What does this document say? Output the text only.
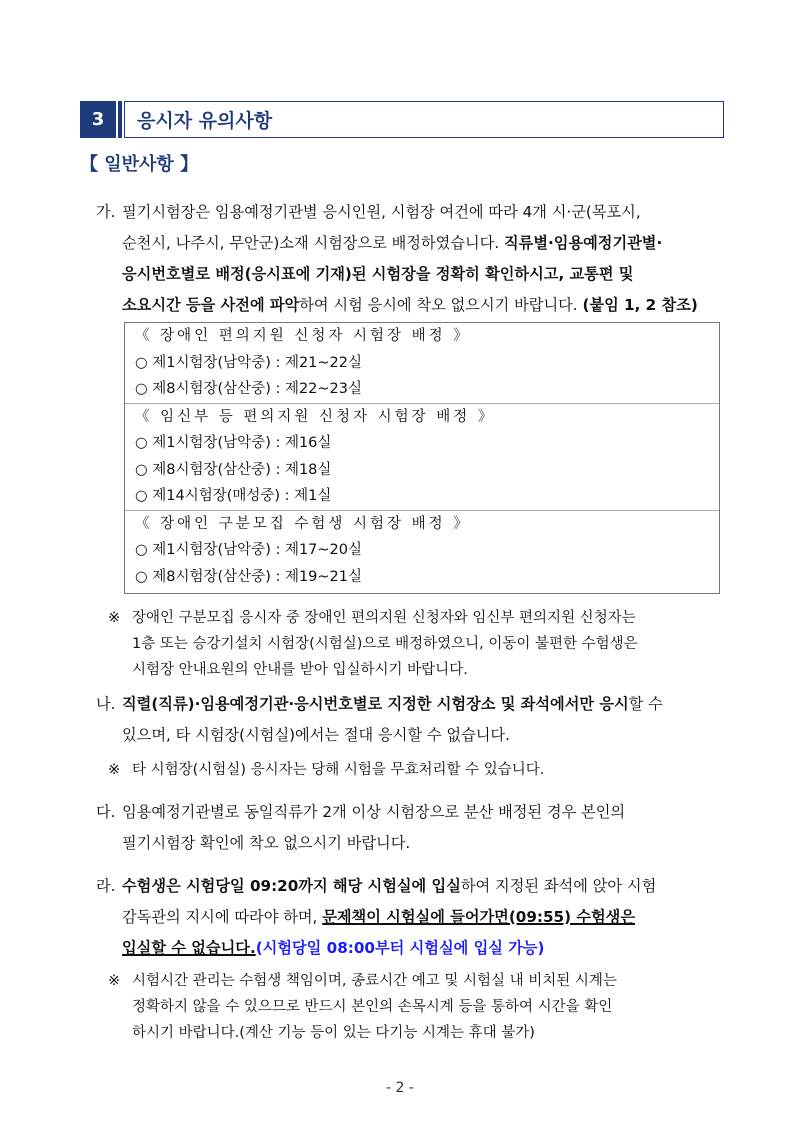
3	응시자 유의사항
【 일반사항 】
가. 필기시험장은 임용예정기관별 응시인원, 시험장 여건에 따라 4개 시·군(목포시,
순천시, 나주시, 무안군)소재 시험장으로 배정하였습니다. 직류별·임용예정기관별·
응시번호별로 배정(응시표에 기재)된 시험장을 정확히 확인하시고, 교통편 및
소요시간 등을 사전에 파악하여 시험 응시에 착오 없으시기 바랍니다. (붙임 1, 2 참조)
《 장애인 편의지원 신청자 시험장 배정 》
○ 제1시험장(남악중) : 제21~22실
○ 제8시험장(삼산중) : 제22~23실
《 임신부 등 편의지원 신청자 시험장 배정 》
○ 제1시험장(남악중) : 제16실
○ 제8시험장(삼산중) : 제18실
○ 제14시험장(매성중) : 제1실
《 장애인 구분모집 수험생 시험장 배정 》
○ 제1시험장(남악중) : 제17~20실
○ 제8시험장(삼산중) : 제19~21실
※ 장애인 구분모집 응시자 중 장애인 편의지원 신청자와 임신부 편의지원 신청자는
1층 또는 승강기설치 시험장(시험실)으로 배정하였으니, 이동이 불편한 수험생은
시험장 안내요원의 안내를 받아 입실하시기 바랍니다.
나. 직렬(직류)·임용예정기관·응시번호별로 지정한 시험장소 및 좌석에서만 응시할 수
있으며, 타 시험장(시험실)에서는 절대 응시할 수 없습니다.
※ 타 시험장(시험실) 응시자는 당해 시험을 무효처리할 수 있습니다.
다. 임용예정기관별로 동일직류가 2개 이상 시험장으로 분산 배정된 경우 본인의
필기시험장 확인에 착오 없으시기 바랍니다.
라. 수험생은 시험당일 09:20까지 해당 시험실에 입실하여 지정된 좌석에 앉아 시험
감독관의 지시에 따라야 하며, 문제책이 시험실에 들어가면(09:55) 수험생은
입실할 수 없습니다.(시험당일 08:00부터 시험실에 입실 가능)
※ 시험시간 관리는 수험생 책임이며, 종료시간 예고 및 시험실 내 비치된 시계는
정확하지 않을 수 있으므로 반드시 본인의 손목시계 등을 통하여 시간을 확인
하시기 바랍니다.(계산 기능 등이 있는 다기능 시계는 휴대 불가)
- 2 -
